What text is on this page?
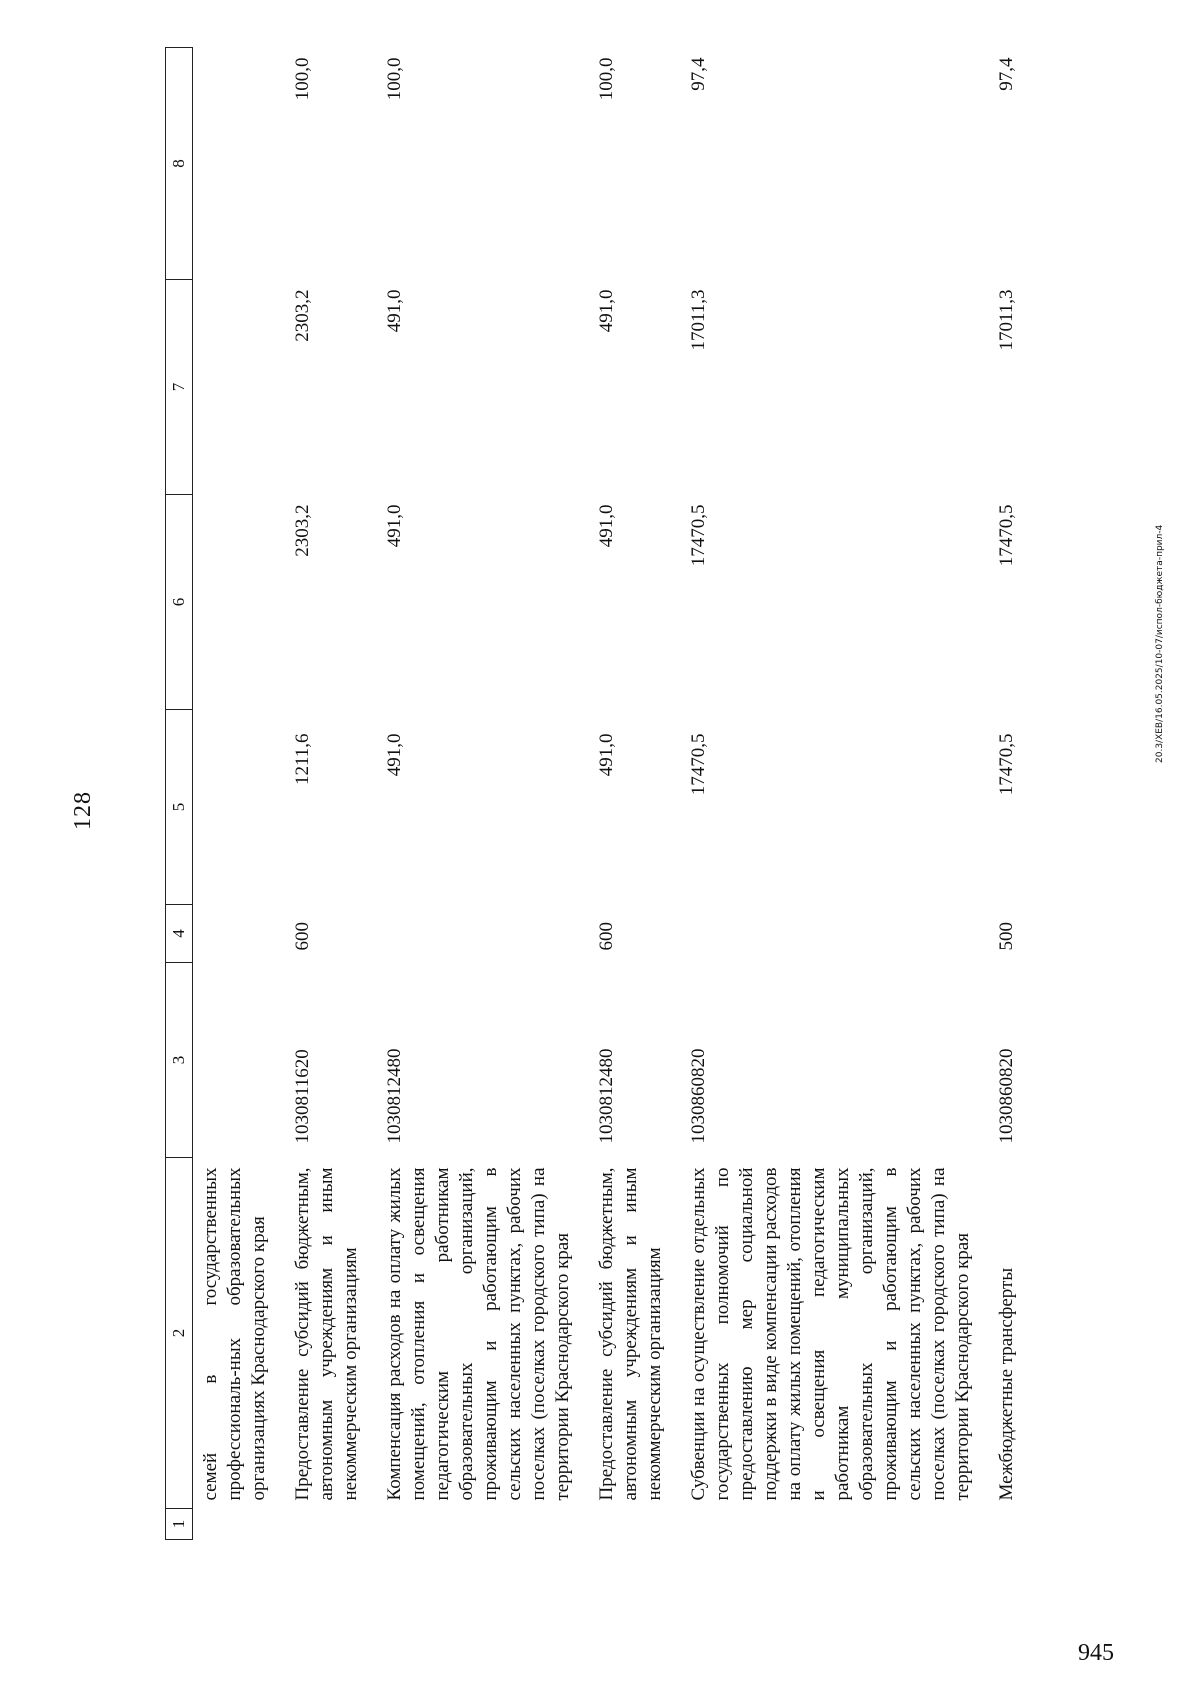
128
1	2	3	4	5	6	7	8
	семей в государственных профессиональ-ных образовательных организациях Краснодарского края						
	Предоставление субсидий бюджетным, автономным учреждениям и иным некоммерческим организациям	1030811620	600	1211,6	2303,2	2303,2	100,0
	Компенсация расходов на оплату жилых помещений, отопления и освещения педагогическим работникам образовательных организаций, проживающим и работающим в сельских населенных пунктах, рабочих поселках (поселках городского типа) на территории Краснодарского края	1030812480		491,0	491,0	491,0	100,0
	Предоставление субсидий бюджетным, автономным учреждениям и иным некоммерческим организациям	1030812480	600	491,0	491,0	491,0	100,0
	Субвенции на осуществление отдельных государственных полномочий по предоставлению мер социальной поддержки в виде компенсации расходов на оплату жилых помещений, отопления и освещения педагогическим работникам муниципальных образовательных организаций, проживающим и работающим в сельских населенных пунктах, рабочих поселках (поселках городского типа) на территории Краснодарского края	1030860820		17470,5	17470,5	17011,3	97,4
	Межбюджетные трансферты	1030860820	500	17470,5	17470,5	17011,3	97,4
20.3/XEB/16.05.2025/10-07/испол-бюджета-прил-4
945
